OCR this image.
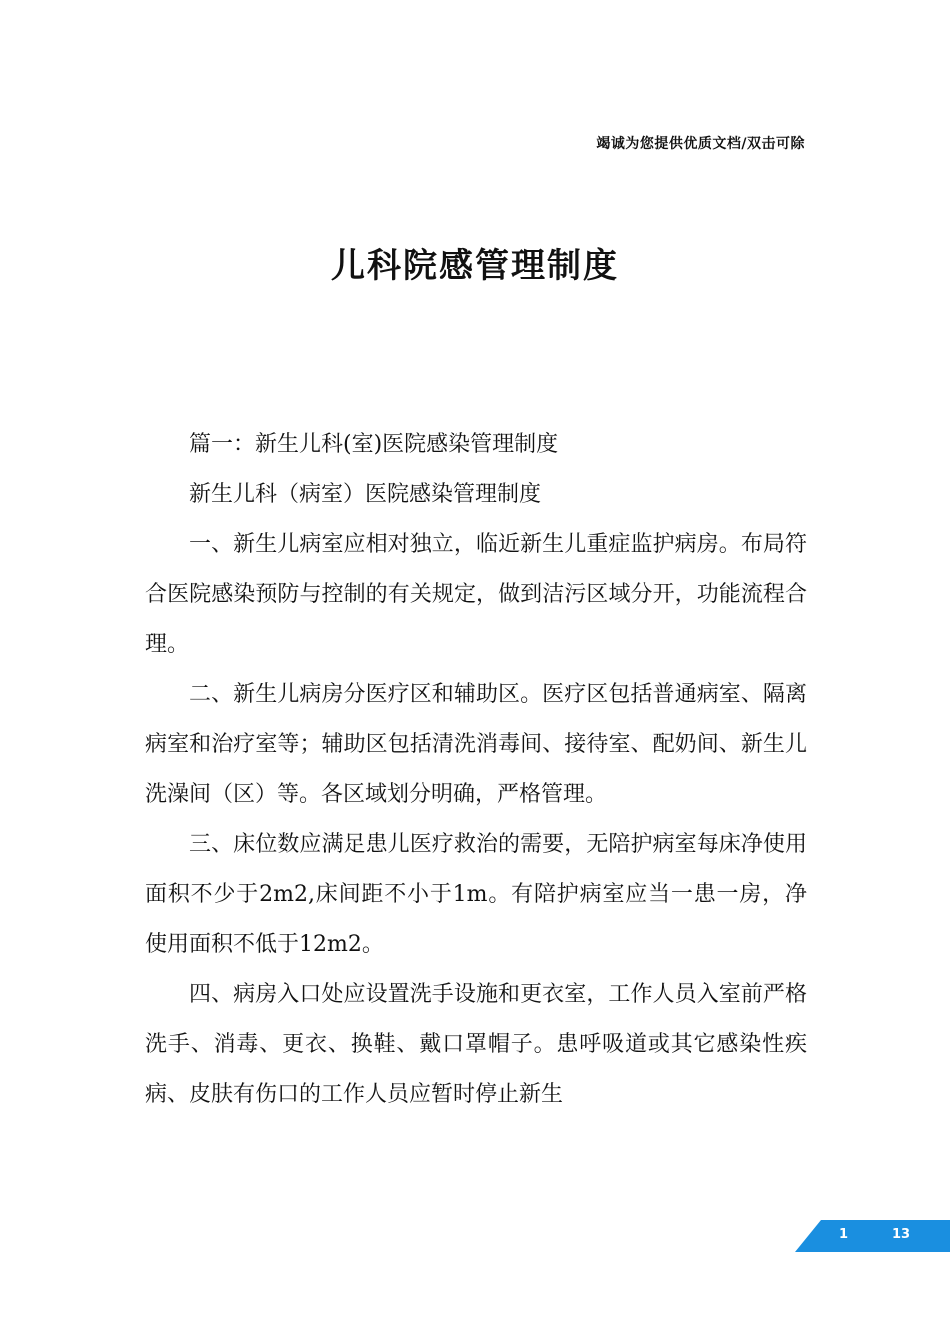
竭诚为您提供优质文档/双击可除
儿科院感管理制度

篇一：新生儿科(室)医院感染管理制度

新生儿科（病室）医院感染管理制度

一、新生儿病室应相对独立，临近新生儿重症监护病房。布局符合医院感染预防与控制的有关规定，做到洁污区域分开，功能流程合理。

二、新生儿病房分医疗区和辅助区。医疗区包括普通病室、隔离病室和治疗室等；辅助区包括清洗消毒间、接待室、配奶间、新生儿洗澡间（区）等。各区域划分明确，严格管理。

三、床位数应满足患儿医疗救治的需要，无陪护病室每床净使用面积不少于2m2,床间距不小于1m。有陪护病室应当一患一房，净使用面积不低于12m2。

四、病房入口处应设置洗手设施和更衣室，工作人员入室前严格洗手、消毒、更衣、换鞋、戴口罩帽子。患呼吸道或其它感染性疾病、皮肤有伤口的工作人员应暂时停止新生

1	13
